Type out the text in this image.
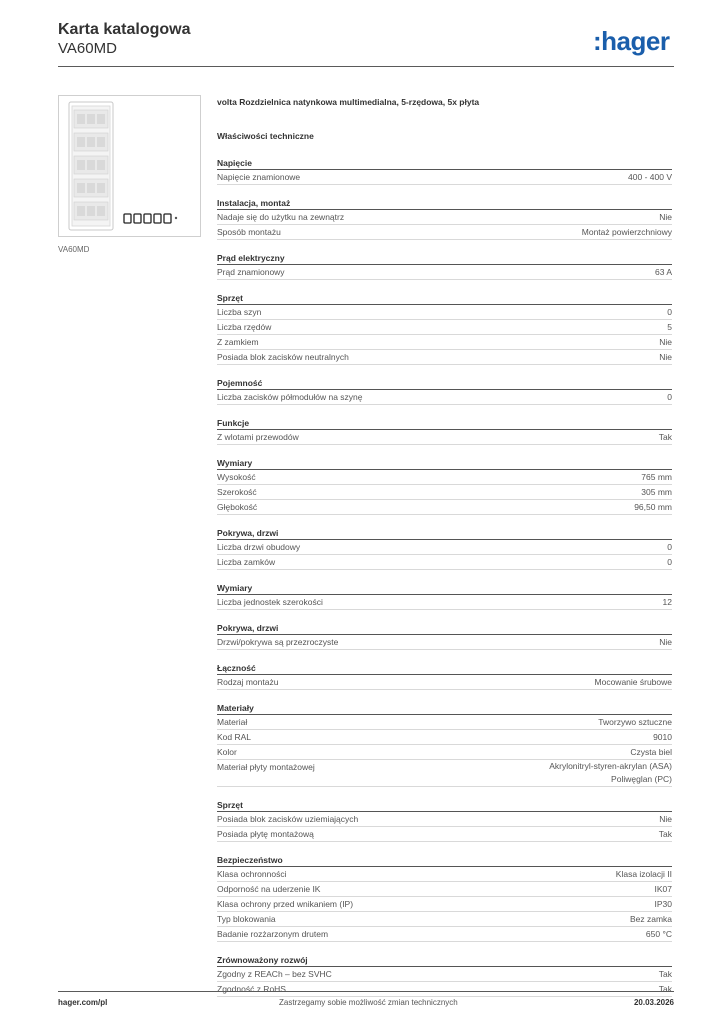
Karta katalogowa
VA60MD	:hager
VA60MD
volta Rozdzielnica natynkowa multimedialna, 5-rzędowa, 5x płyta
Właściwości techniczne
Napięcie
Napięcie znamionowe	400 - 400 V
Instalacja, montaż
Nadaje się do użytku na zewnątrz	Nie
Sposób montażu	Montaż powierzchniowy
Prąd elektryczny
Prąd znamionowy	63 A
Sprzęt
Liczba szyn	0
Liczba rzędów	5
Z zamkiem	Nie
Posiada blok zacisków neutralnych	Nie
Pojemność
Liczba zacisków półmodułów na szynę	0
Funkcje
Z wlotami przewodów	Tak
Wymiary
Wysokość	765 mm
Szerokość	305 mm
Głębokość	96,50 mm
Pokrywa, drzwi
Liczba drzwi obudowy	0
Liczba zamków	0
Wymiary
Liczba jednostek szerokości	12
Pokrywa, drzwi
Drzwi/pokrywa są przezroczyste	Nie
Łączność
Rodzaj montażu	Mocowanie śrubowe
Materiały
Materiał	Tworzywo sztuczne
Kod RAL	9010
Kolor	Czysta biel
Materiał płyty montażowej	Akrylonitryl-styren-akrylan (ASA)
Poliwęglan (PC)
Sprzęt
Posiada blok zacisków uziemiających	Nie
Posiada płytę montażową	Tak
Bezpieczeństwo
Klasa ochronności	Klasa izolacji II
Odporność na uderzenie IK	IK07
Klasa ochrony przed wnikaniem (IP)	IP30
Typ blokowania	Bez zamka
Badanie rozżarzonym drutem	650 °C
Zrównoważony rozwój
Zgodny z REACh – bez SVHC	Tak
Zgodność z RoHS	Tak
hager.com/pl	Zastrzegamy sobie możliwość zmian technicznych	20.03.2026
